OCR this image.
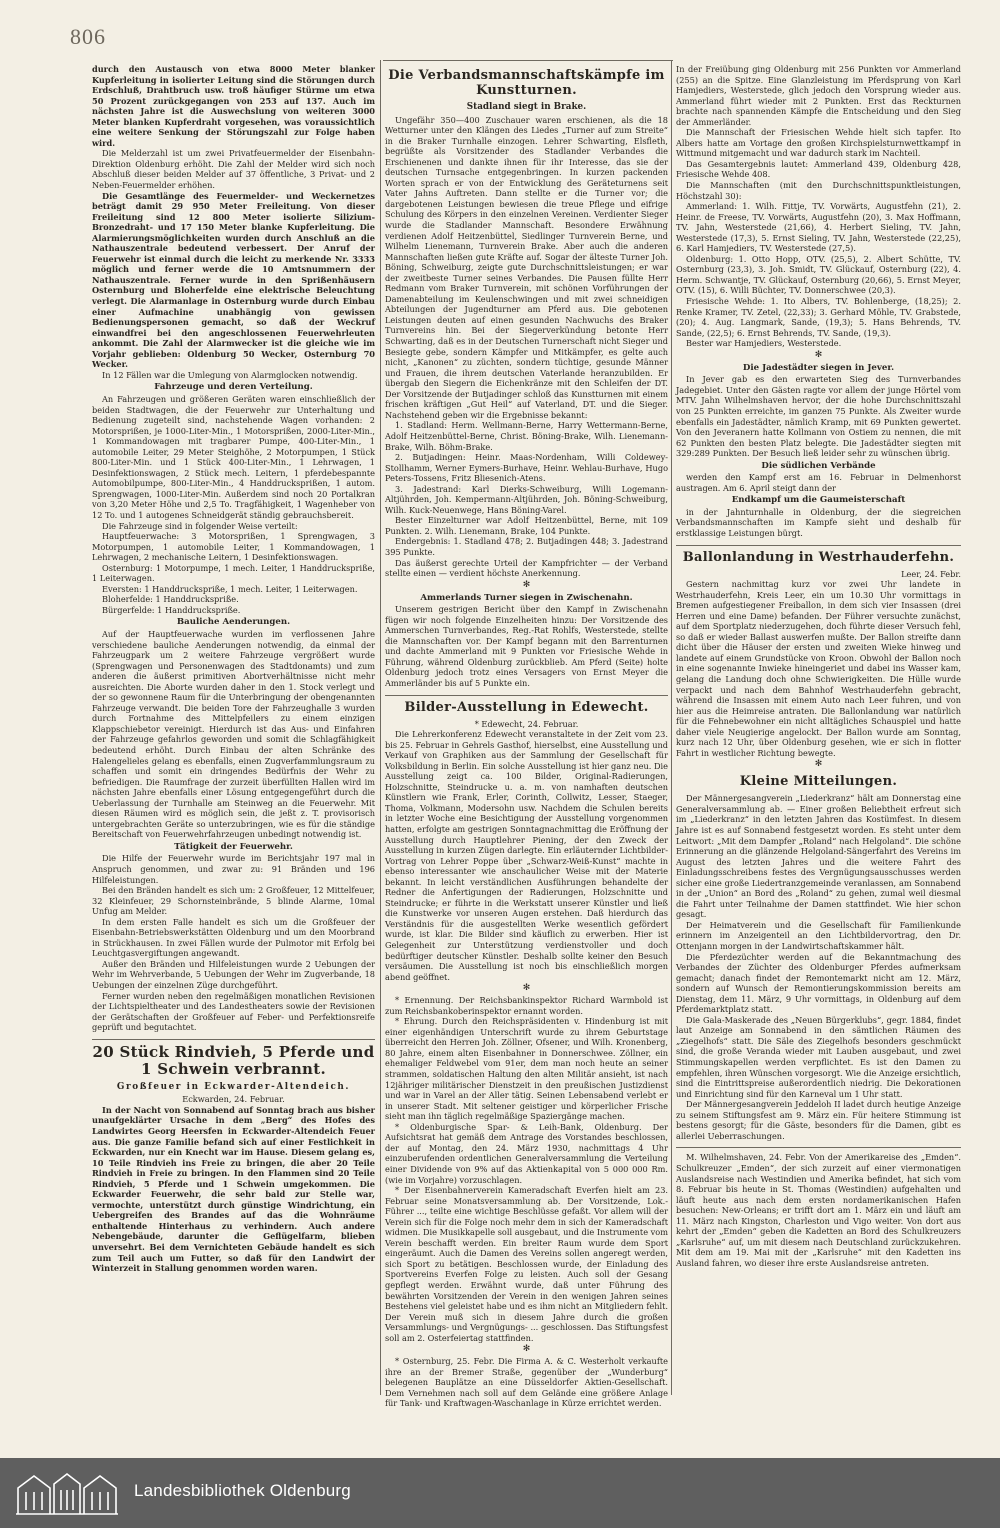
806

durch den Austausch von etwa 8000 Meter blanker Kupferleitung in isolierter Leitung sind die Störungen durch Erdschluß, Drahtbruch usw. troß häufiger Stürme um etwa 50 Prozent zurückgegangen von 253 auf 137. Auch im nächsten Jahre ist die Auswechslung von weiteren 3000 Meter blanken Kupferdraht vorgesehen, was voraussichtlich eine weitere Senkung der Störungszahl zur Folge haben wird.

Die Melderzahl ist um zwei Privatfeuermelder der Eisenbahn-Direktion Oldenburg erhöht. Die Zahl der Melder wird sich noch Abschluß dieser beiden Melder auf 37 öffentliche, 3 Privat- und 2 Neben-Feuermelder erhöhen.

Die Gesamtlänge des Feuermelder- und Weckernetzes beträgt damit 29 950 Meter Freileitung. Von dieser Freileitung sind 12 800 Meter isolierte Silizium-Bronzedraht- und 17 150 Meter blanke Kupferleitung. Die Alarmierungsmöglichkeiten wurden durch Anschluß an die Nathauszentrale bedeutend verbessert. Der Anruf der Feuerwehr ist einmal durch die leicht zu merkende Nr. 3333 möglich und ferner werde die 10 Amtsnummern der Nathauszentrale. Ferner wurde in den Sprißenhäusern Osternburg und Bloherfelde eine elektrische Beleuchtung verlegt. Die Alarmanlage in Osternburg wurde durch Einbau einer Aufmachine unabhängig von gewissen Bedienungspersonen gemacht, so daß der Weckruf einwandfrei bei den angeschlossenen Feuerwehrleuten ankommt. Die Zahl der Alarmwecker ist die gleiche wie im Vorjahr geblieben: Oldenburg 50 Wecker, Osternburg 70 Wecker.

In 12 Fällen war die Umlegung von Alarmglocken notwendig.

Fahrzeuge und deren Verteilung.

An Fahrzeugen und größeren Geräten waren einschließlich der beiden Stadtwagen, die der Feuerwehr zur Unterhaltung und Bedienung zugeteilt sind, nachstehende Wagen vorhanden: 2 Motorsprißen, je 1000-Liter-Min., 1 Motorsprißen, 2000-Liter-Min., 1 Kommandowagen mit tragbarer Pumpe, 400-Liter-Min., 1 automobile Leiter, 29 Meter Steighöhe, 2 Motorpumpen, 1 Stück 800-Liter-Min. und 1 Stück 400-Liter-Min., 1 Lehrwagen, 1 Desinfektionswagen, 2 Stück mech. Leitern, 1 pferdebespannte Automobilpumpe, 800-Liter-Min., 4 Handdrucksprißen, 1 autom. Sprengwagen, 1000-Liter-Min. Außerdem sind noch 20 Portalkran von 3,20 Meter Höhe und 2,5 To. Tragfähigkeit, 1 Wagenheber von 12 To. und 1 autogenes Schneidgerät ständig gebrauchsbereit.

Die Fahrzeuge sind in folgender Weise verteilt:

Hauptfeuerwache: 3 Motorsprißen, 1 Sprengwagen, 3 Motorpumpen, 1 automobile Leiter, 1 Kommandowagen, 1 Lehrwagen, 2 mechanische Leitern, 1 Desinfektionswagen.

Osternburg: 1 Motorpumpe, 1 mech. Leiter, 1 Handdruckspriße, 1 Leiterwagen.

Eversten: 1 Handdruckspriße, 1 mech. Leiter, 1 Leiterwagen.

Bloherfelde: 1 Handdruckspriße.

Bürgerfelde: 1 Handdruckspriße.

Bauliche Aenderungen.

Auf der Hauptfeuerwache wurden im verflossenen Jahre verschiedene bauliche Aenderungen notwendig, da einmal der Fahrzeugpark um 2 weitere Fahrzeuge vergrößert wurde (Sprengwagen und Personenwagen des Stadtdonamts) und zum anderen die äußerst primitiven Abortverhältnisse nicht mehr ausreichten. Die Aborte wurden daher in den 1. Stock verlegt und der so gewonnene Raum für die Unterbringung der obengenannten Fahrzeuge verwandt. Die beiden Tore der Fahrzeughalle 3 wurden durch Fortnahme des Mittelpfeilers zu einem einzigen Klappschiebetor vereinigt. Hierdurch ist das Aus- und Einfahren der Fahrzeuge gefahrlos geworden und somit die Schlagfähigkeit bedeutend erhöht. Durch Einbau der alten Schränke des Halengelieles gelang es ebenfalls, einen Zugverfammlungsraum zu schaffen und somit ein dringendes Bedürfnis der Wehr zu befriedigen. Die Raumfrage der zurzeit überfüllten Hallen wird im nächsten Jahre ebenfalls einer Lösung entgegengeführt durch die Ueberlassung der Turnhalle am Steinweg an die Feuerwehr. Mit diesen Räumen wird es möglich sein, die jeßt z. T. provisorisch untergebrachten Geräte so unterzubringen, wie es für die ständige Bereitschaft von Feuerwehrfahrzeugen unbedingt notwendig ist.

Tätigkeit der Feuerwehr.

Die Hilfe der Feuerwehr wurde im Berichtsjahr 197 mal in Anspruch genommen, und zwar zu: 91 Bränden und 196 Hilfeleistungen.

Bei den Bränden handelt es sich um: 2 Großfeuer, 12 Mittelfeuer, 32 Kleinfeuer, 29 Schornsteinbrände, 5 blinde Alarme, 10mal Unfug am Melder.

In dem ersten Falle handelt es sich um die Großfeuer der Eisenbahn-Betriebswerkstätten Oldenburg und um den Moorbrand in Strückhausen. In zwei Fällen wurde der Pulmotor mit Erfolg bei Leuchtgasvergiftungen angewandt.

Außer den Bränden und Hilfeleistungen wurde 2 Uebungen der Wehr im Wehrverbande, 5 Uebungen der Wehr im Zugverbande, 18 Uebungen der einzelnen Züge durchgeführt.

Ferner wurden neben den regelmäßigen monatlichen Revisionen der Lichtspieltheater und des Landestheaters sowie der Revisionen der Gerätschaften der Großfeuer auf Feber- und Perfektionsreife geprüft und begutachtet.

20 Stück Rindvieh, 5 Pferde und 1 Schwein verbrannt.
Großfeuer in Eckwarder-Altendeich.
Eckwarden, 24. Februar.

In der Nacht von Sonnabend auf Sonntag brach aus bisher unaufgeklärter Ursache in dem „Berg“ des Hofes des Landwirtes Georg Heersfen in Eckwarder-Altendeich Feuer aus. Die ganze Familie befand sich auf einer Festlichkeit in Eckwarden, nur ein Knecht war im Hause. Diesem gelang es, 10 Teile Rindvieh ins Freie zu bringen, die aber 20 Teile Rindvieh in Freie zu bringen. In den Flammen sind 20 Teile Rindvieh, 5 Pferde und 1 Schwein umgekommen. Die Eckwarder Feuerwehr, die sehr bald zur Stelle war, vermochte, unterstützt durch günstige Windrichtung, ein Uebergreifen des Brandes auf das die Wohnräume enthaltende Hinterhaus zu verhindern. Auch andere Nebengebäude, darunter die Geflügelfarm, blieben unversehrt. Bei dem Vernichteten Gebäude handelt es sich zum Teil auch um Futter, so daß für den Landwirt der Winterzeit in Stallung genommen worden waren.

Die Verbandsmannschaftskämpfe im Kunstturnen.
Stadland siegt in Brake.

Ungefähr 350—400 Zuschauer waren erschienen, als die 18 Wetturner unter den Klängen des Liedes „Turner auf zum Streite“ in die Braker Turnhalle einzogen. Lehrer Schwarting, Elsfleth, begrüßte als Vorsitzender des Stadlander Verbandes die Erschienenen und dankte ihnen für ihr Interesse, das sie der deutschen Turnsache entgegenbringen. In kurzen packenden Worten sprach er von der Entwicklung des Geräteturnens seit Vater Jahns Auftreten. Dann stellte er die Turner vor; die dargebotenen Leistungen bewiesen die treue Pflege und eifrige Schulung des Körpers in den einzelnen Vereinen. Verdienter Sieger wurde die Stadlander Mannschaft. Besondere Erwähnung verdienen Adolf Heitzenbüttel, Siedlinger Turnverein Berne, und Wilhelm Lienemann, Turnverein Brake. Aber auch die anderen Mannschaften ließen gute Kräfte auf. Sogar der älteste Turner Joh. Böning, Schweiburg, zeigte gute Durchschnittsleistungen; er war der zweitbeste Turner seines Verbandes. Die Pausen füllte Herr Redmann vom Braker Turnverein, mit schönen Vorführungen der Damenabteilung im Keulenschwingen und mit zwei schneidigen Abteilungen der Jugendturner am Pferd aus. Die gebotenen Leistungen deuten auf einen gesunden Nachwuchs des Braker Turnvereins hin. Bei der Siegerverkündung betonte Herr Schwarting, daß es in der Deutschen Turnerschaft nicht Sieger und Besiegte gebe, sondern Kämpfer und Mitkämpfer, es gelte auch nicht, „Kanonen“ zu züchten, sondern tüchtige, gesunde Männer und Frauen, die ihrem deutschen Vaterlande heranzubilden. Er übergab den Siegern die Eichenkränze mit den Schleifen der DT. Der Vorsitzende der Butjadinger schloß das Kunstturnen mit einem frischen kräftigen „Gut Heil“ auf Vaterland, DT. und die Sieger. Nachstehend geben wir die Ergebnisse bekannt:

1. Stadland: Herm. Wellmann-Berne, Harry Wettermann-Berne, Adolf Heitzenbüttel-Berne, Christ. Böning-Brake, Wilh. Lienemann-Brake, Wilh. Böhm-Brake.

2. Butjadingen: Heinr. Maas-Nordenham, Willi Coldewey-Stollhamm, Werner Eymers-Burhave, Heinr. Wehlau-Burhave, Hugo Peters-Tossens, Fritz Bliesenich-Atens.

3. Jadestrand: Karl Dierks-Schweiburg, Willi Logemann-Altjührden, Joh. Kempermann-Altjührden, Joh. Böning-Schweiburg, Wilh. Kuck-Neuenwege, Hans Böning-Varel.

Bester Einzelturner war Adolf Heitzenbüttel, Berne, mit 109 Punkten. 2. Wilh. Lienemann, Brake, 104 Punkte.

Endergebnis: 1. Stadland 478; 2. Butjadingen 448; 3. Jadestrand 395 Punkte.

Das äußerst gerechte Urteil der Kampfrichter — der Verband stellte einen — verdient höchste Anerkennung.

✻
Ammerlands Turner siegen in Zwischenahn.

Unserem gestrigen Bericht über den Kampf in Zwischenahn fügen wir noch folgende Einzelheiten hinzu: Der Vorsitzende des Ammerschen Turnverbandes, Reg.-Rat Rohlfs, Westerstede, stellte die Mannschaften vor. Der Kampf begann mit den Barrenturnen und dachte Ammerland mit 9 Punkten vor Friesische Wehde in Führung, während Oldenburg zurückblieb. Am Pferd (Seite) holte Oldenburg jedoch trotz eines Versagers von Ernst Meyer die Ammerländer bis auf 5 Punkte ein.

Bilder-Ausstellung in Edewecht.
* Edewecht, 24. Februar.

Die Lehrerkonferenz Edewecht veranstaltete in der Zeit vom 23. bis 25. Februar in Gehrels Gasthof, hierselbst, eine Ausstellung und Verkauf von Graphiken aus der Sammlung der Gesellschaft für Volksbildung in Berlin. Ein solche Ausstellung ist hier ganz neu. Die Ausstellung zeigt ca. 100 Bilder, Original-Radierungen, Holzschnitte, Steindrucke u. a. m. von namhaften deutschen Künstlern wie Frank, Erler, Corinth, Collwitz, Lesser, Staeger, Thoma, Volkmann, Modersohn usw. Nachdem die Schulen bereits in letzter Woche eine Besichtigung der Ausstellung vorgenommen hatten, erfolgte am gestrigen Sonntagnachmittag die Eröffnung der Ausstellung durch Hauptlehrer Piening, der den Zweck der Ausstellung in kurzen Zügen darlegte. Ein erläuternder Lichtbilder-Vortrag von Lehrer Poppe über „Schwarz-Weiß-Kunst“ machte in ebenso interessanter wie anschaulicher Weise mit der Materie bekannt. In leicht verständlichen Ausführungen behandelte der Redner die Anfertigungen der Radierungen, Holzschnitte und Steindrucke; er führte in die Werkstatt unserer Künstler und ließ die Kunstwerke vor unseren Augen erstehen. Daß hierdurch das Verständnis für die ausgestellten Werke wesentlich gefördert wurde, ist klar. Die Bilder sind käuflich zu erwerben. Hier ist Gelegenheit zur Unterstützung verdienstvoller und doch bedürftiger deutscher Künstler. Deshalb sollte keiner den Besuch versäumen. Die Ausstellung ist noch bis einschließlich morgen abend geöffnet.

✻

* Ernennung. Der Reichsbankinspektor Richard Warmbold ist zum Reichsbankoberinspektor ernannt worden.

* Ehrung. Durch den Reichspräsidenten v. Hindenburg ist mit einer eigenhändigen Unterschrift wurde zu ihrem Geburtstage überreicht den Herren Joh. Zöllner, Ofsener, und Wilh. Kronenberg, 80 Jahre, einem alten Eisenbahner in Donnerschwee. Zöllner, ein ehemaliger Feldwebel vom 91er, dem man noch heute an seiner strammen, soldatischen Haltung den alten Militär ansieht, ist nach 12jähriger militärischer Dienstzeit in den preußischen Justizdienst und war in Varel an der Aller tätig. Seinen Lebensabend verlebt er in unserer Stadt. Mit seltener geistiger und körperlicher Frische sieht man ihn täglich regelmäßige Spaziergänge machen.

* Oldenburgische Spar- & Leih-Bank, Oldenburg. Der Aufsichtsrat hat gemäß dem Antrage des Vorstandes beschlossen, der auf Montag, den 24. März 1930, nachmittags 4 Uhr einzuberufenden ordentlichen Generalversammlung die Verteilung einer Dividende von 9% auf das Aktienkapital von 5 000 000 Rm. (wie im Vorjahre) vorzuschlagen.

* Der Eisenbahnerverein Kameradschaft Everfen hielt am 23. Februar seine Monatsversammlung ab. Der Vorsitzende, Lok.-Führer ..., teilte eine wichtige Beschlüsse gefaßt. Vor allem will der Verein sich für die Folge noch mehr dem in sich der Kameradschaft widmen. Die Musikkapelle soll ausgebaut, und die Instrumente vom Verein beschafft werden. Ein breiter Raum wurde dem Sport eingeräumt. Auch die Damen des Vereins sollen angeregt werden, sich Sport zu betätigen. Beschlossen wurde, der Einladung des Sportvereins Everfen Folge zu leisten. Auch soll der Gesang gepflegt werden. Erwähnt wurde, daß unter Führung des bewährten Vorsitzenden der Verein in den wenigen Jahren seines Bestehens viel geleistet habe und es ihm nicht an Mitgliedern fehlt. Der Verein muß sich in diesem Jahre durch die großen Versammlungs- und Vergnügungs- ... geschlossen. Das Stiftungsfest soll am 2. Osterfeiertag stattfinden.

✻

* Osternburg, 25. Febr. Die Firma A. & C. Westerholt verkaufte ihre an der Bremer Straße, gegenüber der „Wunderburg“ belegenen Bauplätze an eine Düsseldorfer Aktien-Gesellschaft. Dem Vernehmen nach soll auf dem Gelände eine größere Anlage für Tank- und Kraftwagen-Waschanlage in Kürze errichtet werden.

In der Freiübung ging Oldenburg mit 256 Punkten vor Ammerland (255) an die Spitze. Eine Glanzleistung im Pferdsprung von Karl Hamjediers, Westerstede, glich jedoch den Vorsprung wieder aus. Ammerland führt wieder mit 2 Punkten. Erst das Reckturnen brachte nach spannenden Kämpfe die Entscheidung und den Sieg der Ammerländer.

Die Mannschaft der Friesischen Wehde hielt sich tapfer. Ito Albers hatte am Vortage den großen Kirchspielsturnwettkampf in Wittmund mitgemacht und war dadurch stark im Nachteil.

Das Gesamtergebnis lautet: Ammerland 439, Oldenburg 428, Friesische Wehde 408.

Die Mannschaften (mit den Durchschnittspunktleistungen, Höchstzahl 30):

Ammerland: 1. Wilh. Fittje, TV. Vorwärts, Augustfehn (21), 2. Heinr. de Freese, TV. Vorwärts, Augustfehn (20), 3. Max Hoffmann, TV. Jahn, Westerstede (21,66), 4. Herbert Sieling, TV. Jahn, Westerstede (17,3), 5. Ernst Sieling, TV. Jahn, Westerstede (22,25), 6. Karl Hamjediers, TV. Westerstede (27,5).

Oldenburg: 1. Otto Hopp, OTV. (25,5), 2. Albert Schütte, TV. Osternburg (23,3), 3. Joh. Smidt, TV. Glückauf, Osternburg (22), 4. Herm. Schwantje, TV. Glückauf, Osternburg (20,66), 5. Ernst Meyer, OTV. (15), 6. Willi Büchter, TV. Donnerschwee (20,3).

Friesische Wehde: 1. Ito Albers, TV. Bohlenberge, (18,25); 2. Renke Kramer, TV. Zetel, (22,33); 3. Gerhard Möhle, TV. Grabstede, (20); 4. Aug. Langmark, Sande, (19,3); 5. Hans Behrends, TV. Sande, (22,5); 6. Ernst Behrends, TV. Sande, (19,3).

Bester war Hamjediers, Westerstede.

✻
Die Jadestädter siegen in Jever.

In Jever gab es den erwarteten Sieg des Turnverbandes Jadegebiet. Unter den Gästen ragte vor allem der junge Hörtel vom MTV. Jahn Wilhelmshaven hervor, der die hohe Durchschnittszahl von 25 Punkten erreichte, im ganzen 75 Punkte. Als Zweiter wurde ebenfalls ein Jadestädter, nämlich Kramp, mit 69 Punkten gewertet. Von den Jeveranern hatte Kollmann von Ostiem zu nennen, die mit 62 Punkten den besten Platz belegte. Die Jadestädter siegten mit 329:289 Punkten. Der Besuch ließ leider sehr zu wünschen übrig.

Die südlichen Verbände

werden den Kampf erst am 16. Februar in Delmenhorst austragen. Am 6. April steigt dann der

Endkampf um die Gaumeisterschaft

in der Jahnturnhalle in Oldenburg, der die siegreichen Verbandsmannschaften im Kampfe sieht und deshalb für erstklassige Leistungen bürgt.

Ballonlandung in Westrhauderfehn.
Leer, 24. Febr.

Gestern nachmittag kurz vor zwei Uhr landete in Westrhauderfehn, Kreis Leer, ein um 10.30 Uhr vormittags in Bremen aufgestiegener Freiballon, in dem sich vier Insassen (drei Herren und eine Dame) befanden. Der Führer versuchte zunächst, auf dem Sportplatz niederzugehen, doch führte dieser Versuch fehl, so daß er wieder Ballast auswerfen mußte. Der Ballon streifte dann dicht über die Häuser der ersten und zweiten Wieke hinweg und landete auf einem Grundstücke von Kroon. Obwohl der Ballon noch in eine sogenannte Inwieke hineingeriet und dabei ins Wasser kam, gelang die Landung doch ohne Schwierigkeiten. Die Hülle wurde verpackt und nach dem Bahnhof Westrhauderfehn gebracht, während die Insassen mit einem Auto nach Leer fuhren, und von hier aus die Heimreise antraten. Die Ballonlandung war natürlich für die Fehnebewohner ein nicht alltägliches Schauspiel und hatte daher viele Neugierige angelockt. Der Ballon wurde am Sonntag, kurz nach 12 Uhr, über Oldenburg gesehen, wie er sich in flotter Fahrt in westlicher Richtung bewegte.

✻
Kleine Mitteilungen.

Der Männergesangverein „Liederkranz“ hält am Donnerstag eine Generalversammlung ab. — Einer großen Beliebtheit erfreut sich im „Liederkranz“ in den letzten Jahren das Kostümfest. In diesem Jahre ist es auf Sonnabend festgesetzt worden. Es steht unter dem Leitwort: „Mit dem Dampfer „Roland“ nach Helgoland“. Die schöne Erinnerung an die glänzende Helgoland-Sängerfahrt des Vereins im August des letzten Jahres und die weitere Fahrt des Einladungsschreibens festes des Vergnügungsausschusses werden sicher eine große Liedertranzgemeinde veranlassen, am Sonnabend in der „Union“ an Bord des „Roland“ zu gehen, zumal weil diesmal die Fahrt unter Teilnahme der Damen stattfindet. Wie hier schon gesagt.

Der Heimatverein und die Gesellschaft für Familienkunde erinnern im Anzeigenteil an den Lichtbildervortrag, den Dr. Ottenjann morgen in der Landwirtschaftskammer hält.

Die Pferdezüchter werden auf die Bekanntmachung des Verbandes der Züchter des Oldenburger Pferdes aufmerksam gemacht; danach findet der Remontemarkt nicht am 12. März, sondern auf Wunsch der Remontierungskommission bereits am Dienstag, dem 11. März, 9 Uhr vormittags, in Oldenburg auf dem Pferdemarktplatz statt.

Die Gala-Maskerade des „Neuen Bürgerklubs“, gegr. 1884, findet laut Anzeige am Sonnabend in den sämtlichen Räumen des „Ziegelhofs“ statt. Die Säle des Ziegelhofs besonders geschmückt sind, die große Veranda wieder mit Lauben ausgebaut, und zwei Stimmungskapellen werden verpflichtet. Es ist den Damen zu empfehlen, ihren Wünschen vorgesorgt. Wie die Anzeige ersichtlich, sind die Eintrittspreise außerordentlich niedrig. Die Dekorationen und Einrichtung sind für den Karneval um 1 Uhr statt.

Der Männergesangverein Jeddeloh II ladet durch heutige Anzeige zu seinem Stiftungsfest am 9. März ein. Für heitere Stimmung ist bestens gesorgt; für die Gäste, besonders für die Damen, gibt es allerlei Ueberraschungen.

M. Wilhelmshaven, 24. Febr. Von der Amerikareise des „Emden“. Schulkreuzer „Emden“, der sich zurzeit auf einer viermonatigen Auslandsreise nach Westindien und Amerika befindet, hat sich vom 8. Februar bis heute in St. Thomas (Westindien) aufgehalten und läuft heute aus nach dem ersten nordamerikanischen Hafen besuchen: New-Orleans; er trifft dort am 1. März ein und läuft am 11. März nach Kingston, Charleston und Vigo weiter. Von dort aus kehrt der „Emden“ geben die Kadetten an Bord des Schulkreuzers „Karlsruhe“ auf, um mit diesem nach Deutschland zurückzukehren. Mit dem am 19. Mai mit der „Karlsruhe“ mit den Kadetten ins Ausland fahren, wo dieser ihre erste Auslandsreise antreten.

Landesbibliothek Oldenburg
